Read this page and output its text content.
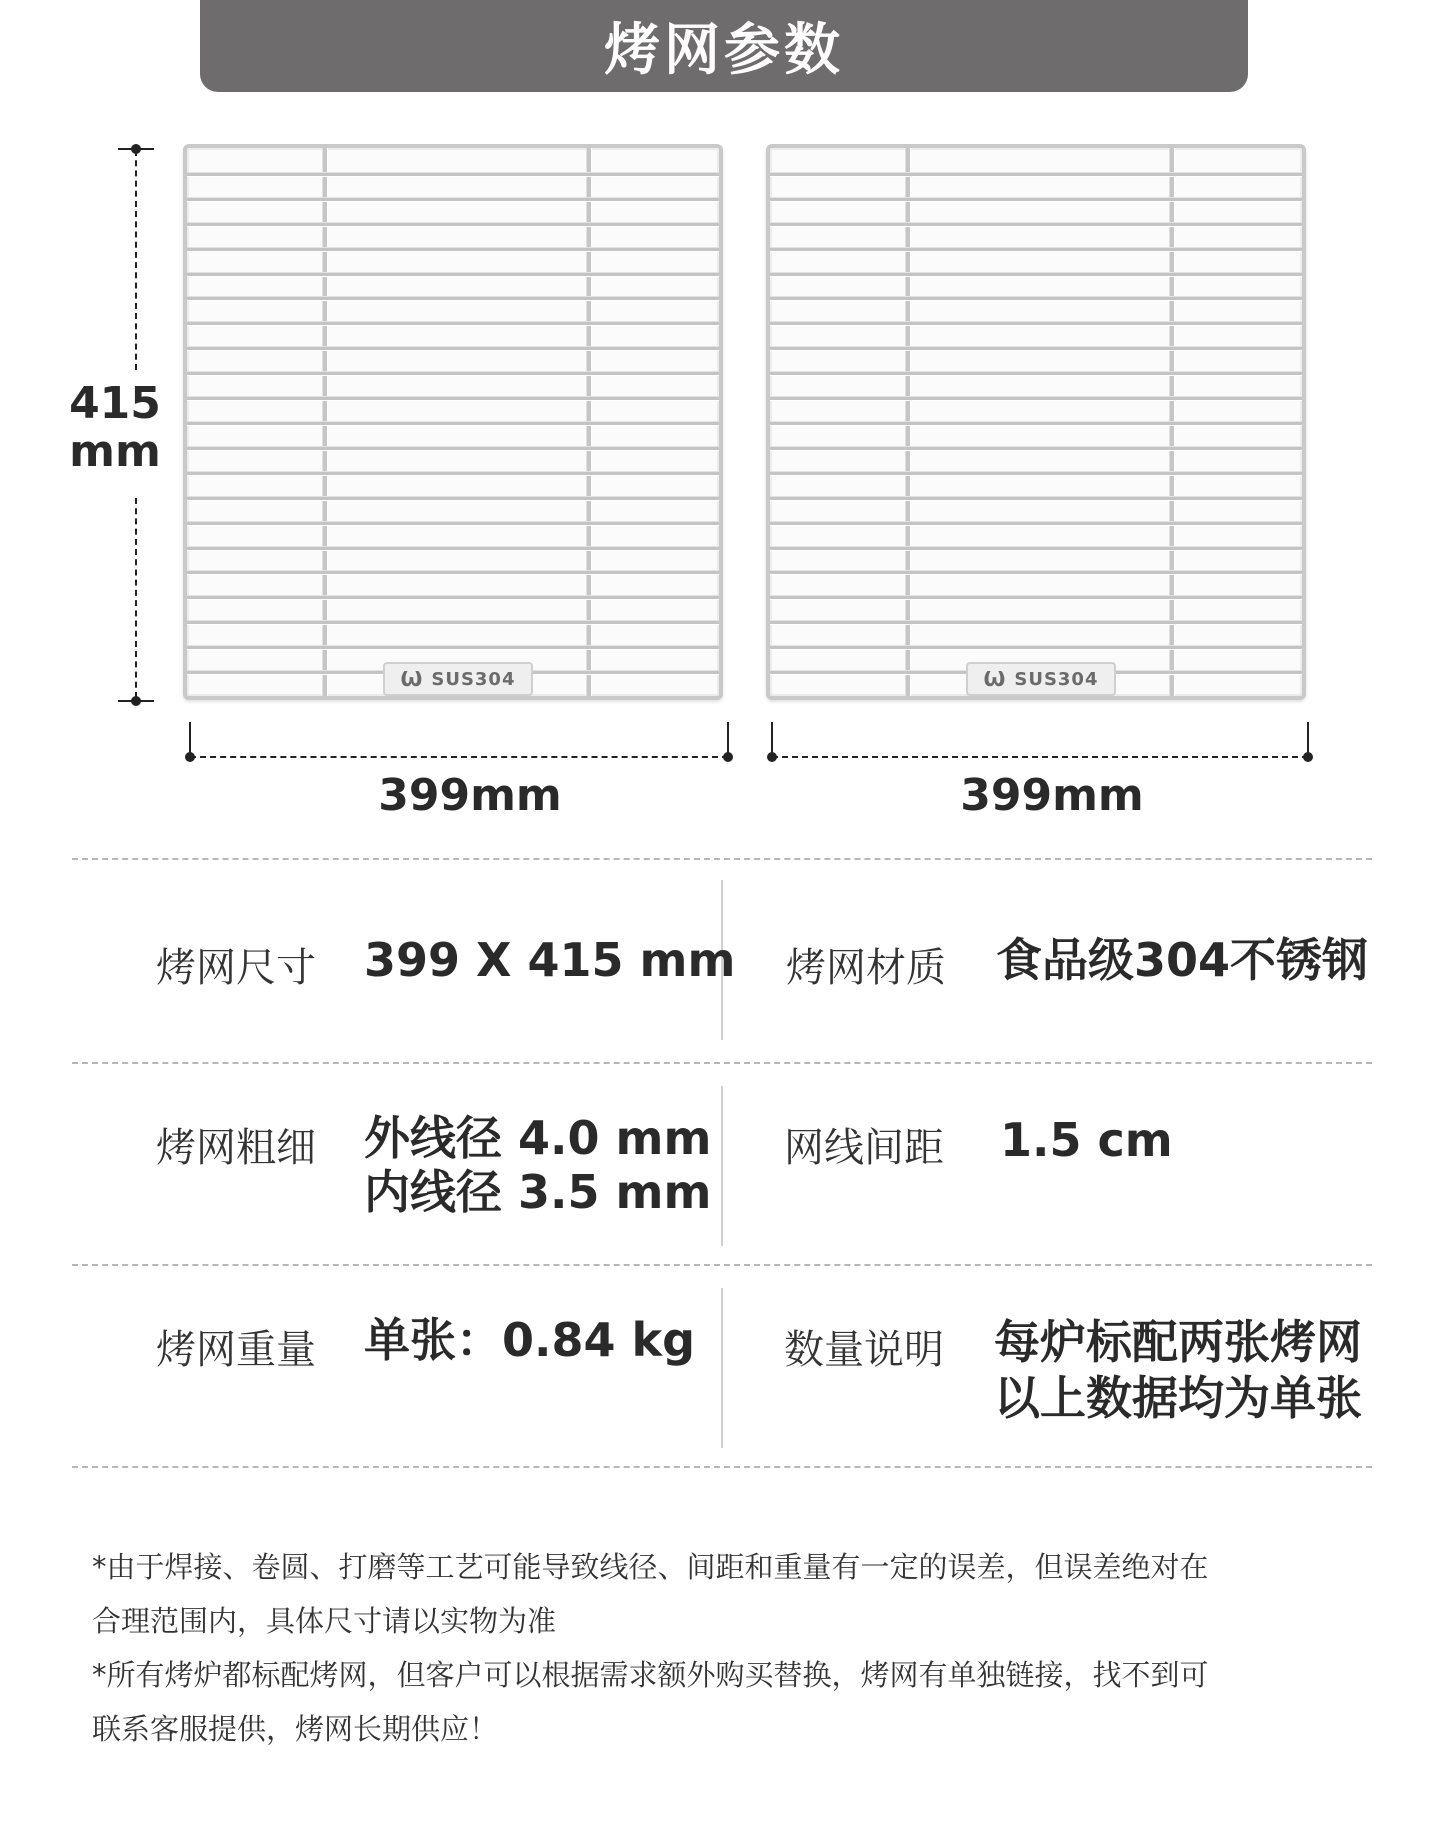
烤网参数
415
mm
Ѡ SUS304	Ѡ SUS304
399mm	399mm
烤网尺寸 399 X 415 mm 烤网材质 食品级304不锈钢
烤网粗细 外线径 4.0 mm
内线径 3.5 mm
网线间距 1.5 cm
烤网重量 单张：0.84 kg 数量说明 每炉标配两张烤网
以上数据均为单张
*由于焊接、卷圆、打磨等工艺可能导致线径、间距和重量有一定的误差，但误差绝对在
合理范围内，具体尺寸请以实物为准
*所有烤炉都标配烤网，但客户可以根据需求额外购买替换，烤网有单独链接，找不到可
联系客服提供，烤网长期供应！
